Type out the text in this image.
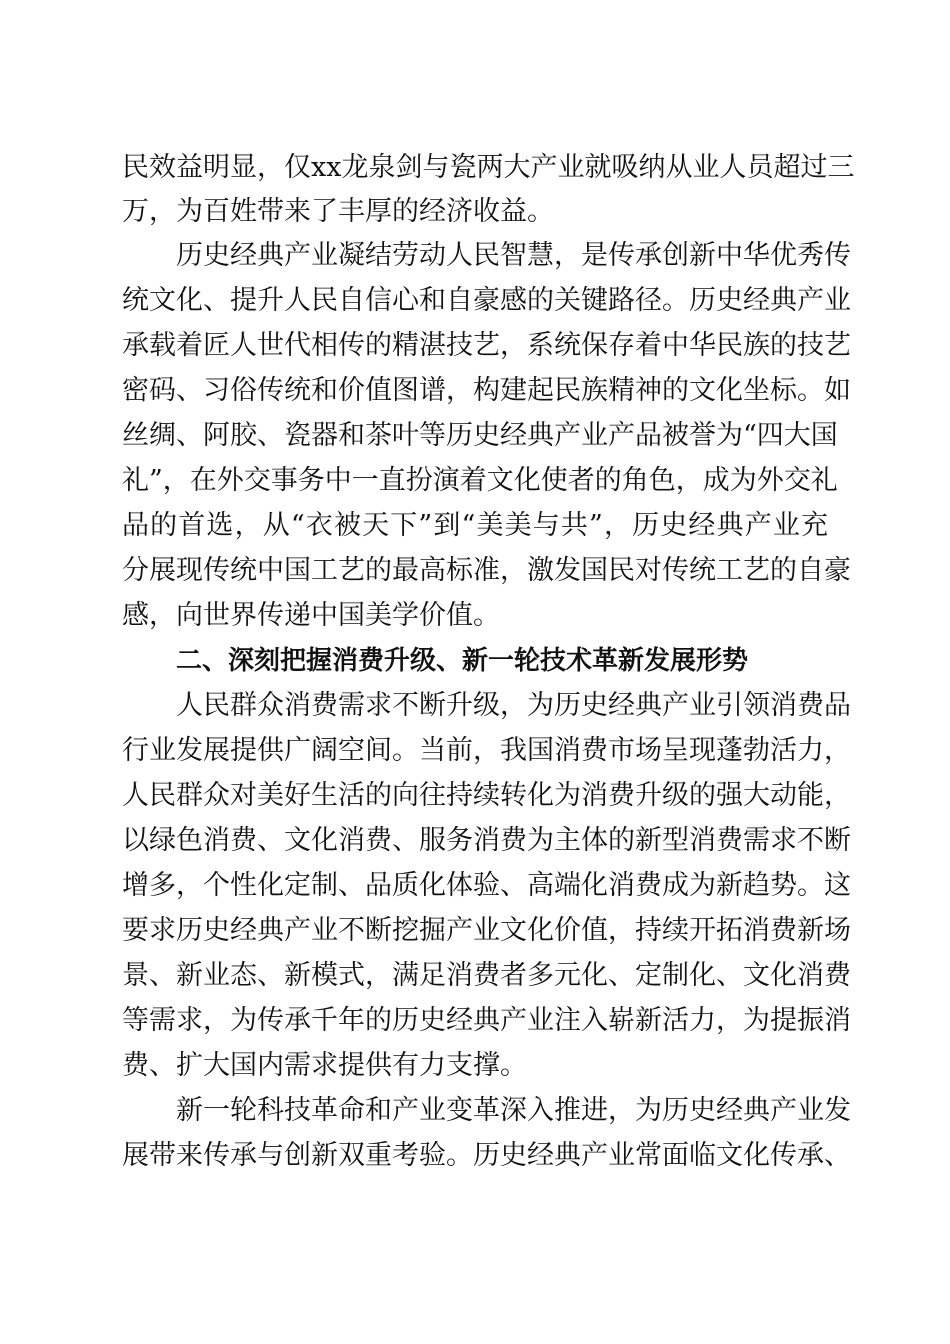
民效益明显，仅xx龙泉剑与瓷两大产业就吸纳从业人员超过三
万，为百姓带来了丰厚的经济收益。
历史经典产业凝结劳动人民智慧，是传承创新中华优秀传
统文化、提升人民自信心和自豪感的关键路径。历史经典产业
承载着匠人世代相传的精湛技艺，系统保存着中华民族的技艺
密码、习俗传统和价值图谱，构建起民族精神的文化坐标。如
丝绸、阿胶、瓷器和茶叶等历史经典产业产品被誉为“四大国
礼”，在外交事务中一直扮演着文化使者的角色，成为外交礼
品的首选，从“衣被天下”到“美美与共”，历史经典产业充
分展现传统中国工艺的最高标准，激发国民对传统工艺的自豪
感，向世界传递中国美学价值。
二、深刻把握消费升级、新一轮技术革新发展形势
人民群众消费需求不断升级，为历史经典产业引领消费品
行业发展提供广阔空间。当前，我国消费市场呈现蓬勃活力，
人民群众对美好生活的向往持续转化为消费升级的强大动能，
以绿色消费、文化消费、服务消费为主体的新型消费需求不断
增多，个性化定制、品质化体验、高端化消费成为新趋势。这
要求历史经典产业不断挖掘产业文化价值，持续开拓消费新场
景、新业态、新模式，满足消费者多元化、定制化、文化消费
等需求，为传承千年的历史经典产业注入崭新活力，为提振消
费、扩大国内需求提供有力支撑。
新一轮科技革命和产业变革深入推进，为历史经典产业发
展带来传承与创新双重考验。历史经典产业常面临文化传承、
